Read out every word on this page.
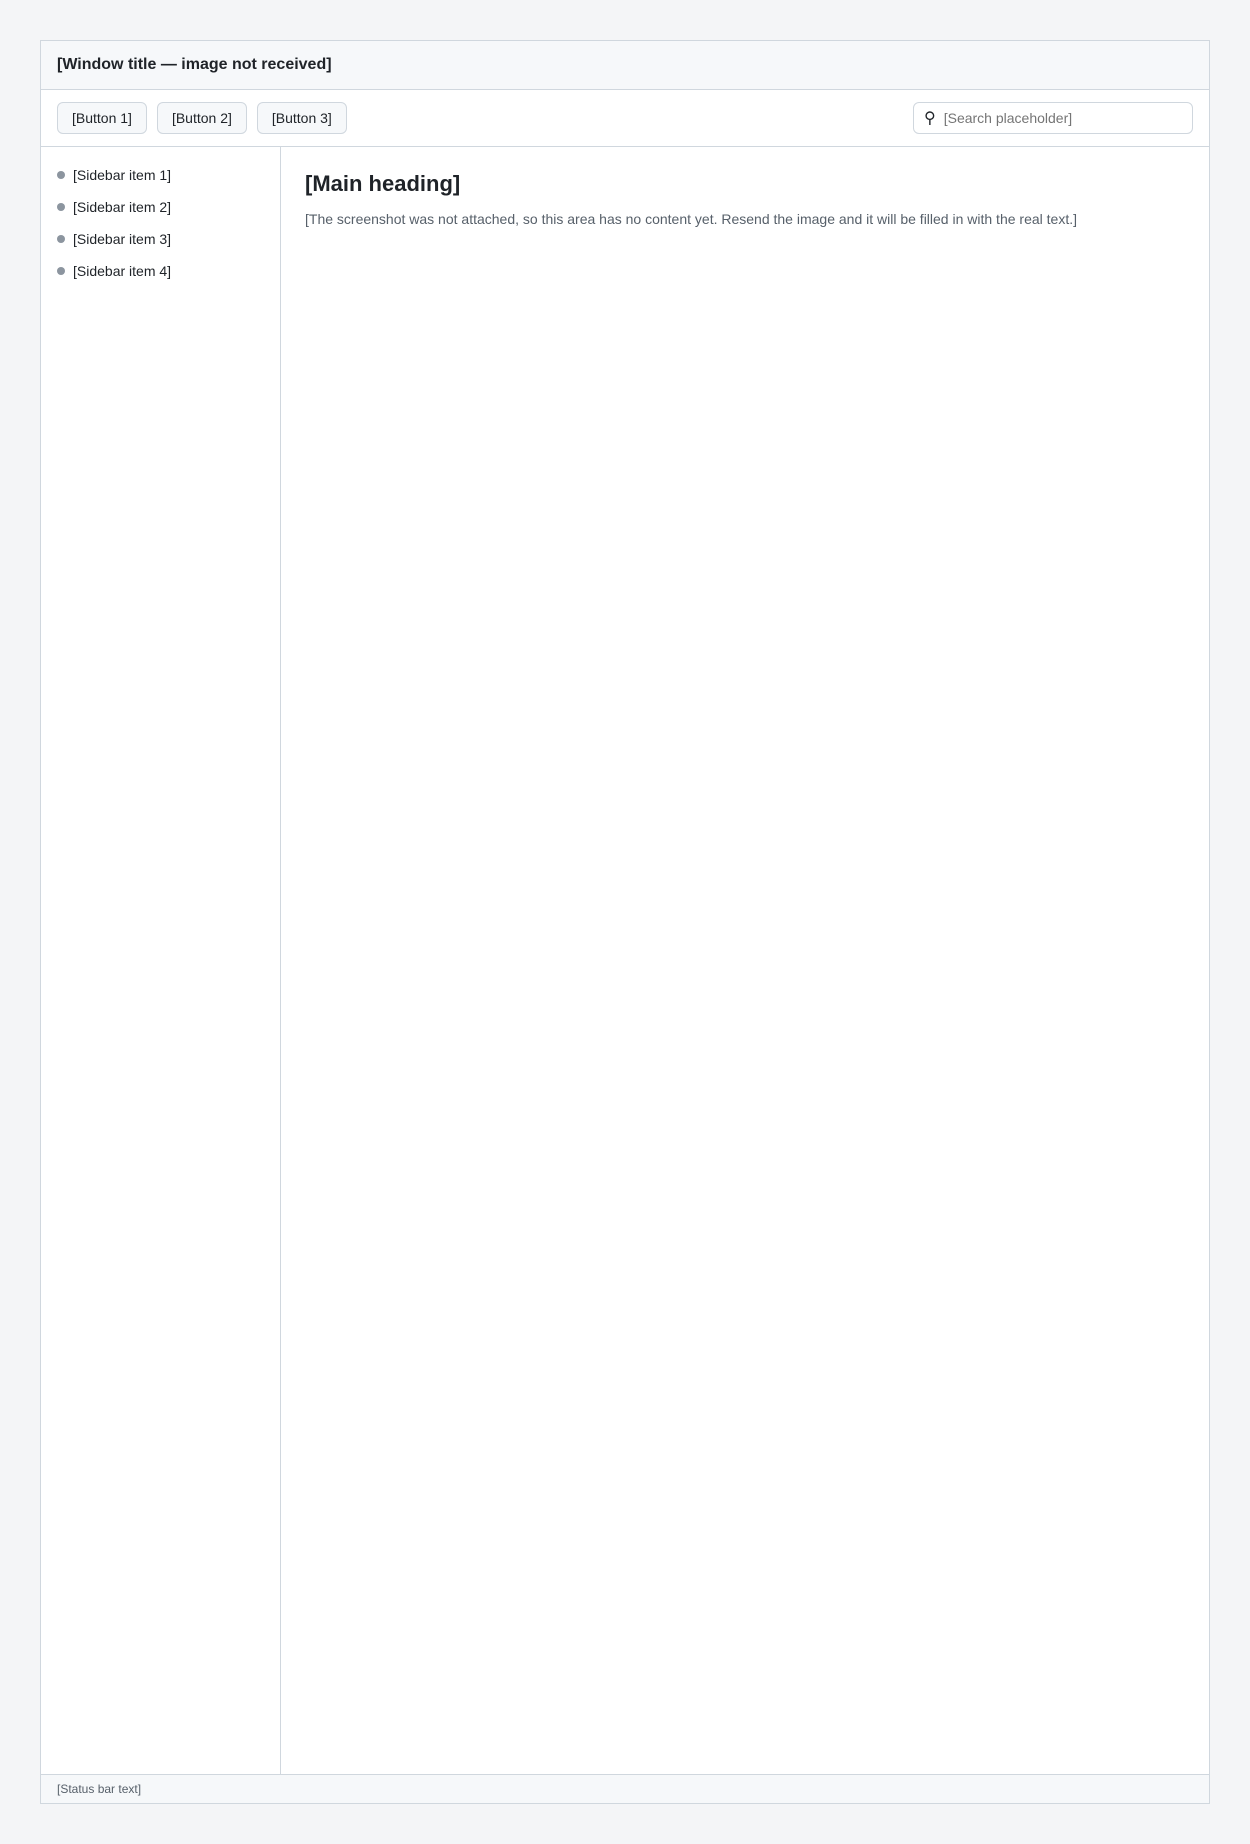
[Window title — image not received]
[Button 1]	[Button 2]	[Button 3]	⚲
[Search placeholder]
[Sidebar item 1]
[Sidebar item 2]
[Sidebar item 3]
[Sidebar item 4]
[Main heading]

[The screenshot was not attached, so this area has no content yet. Resend the image and it will be filled in with the real text.]

[Status bar text]
